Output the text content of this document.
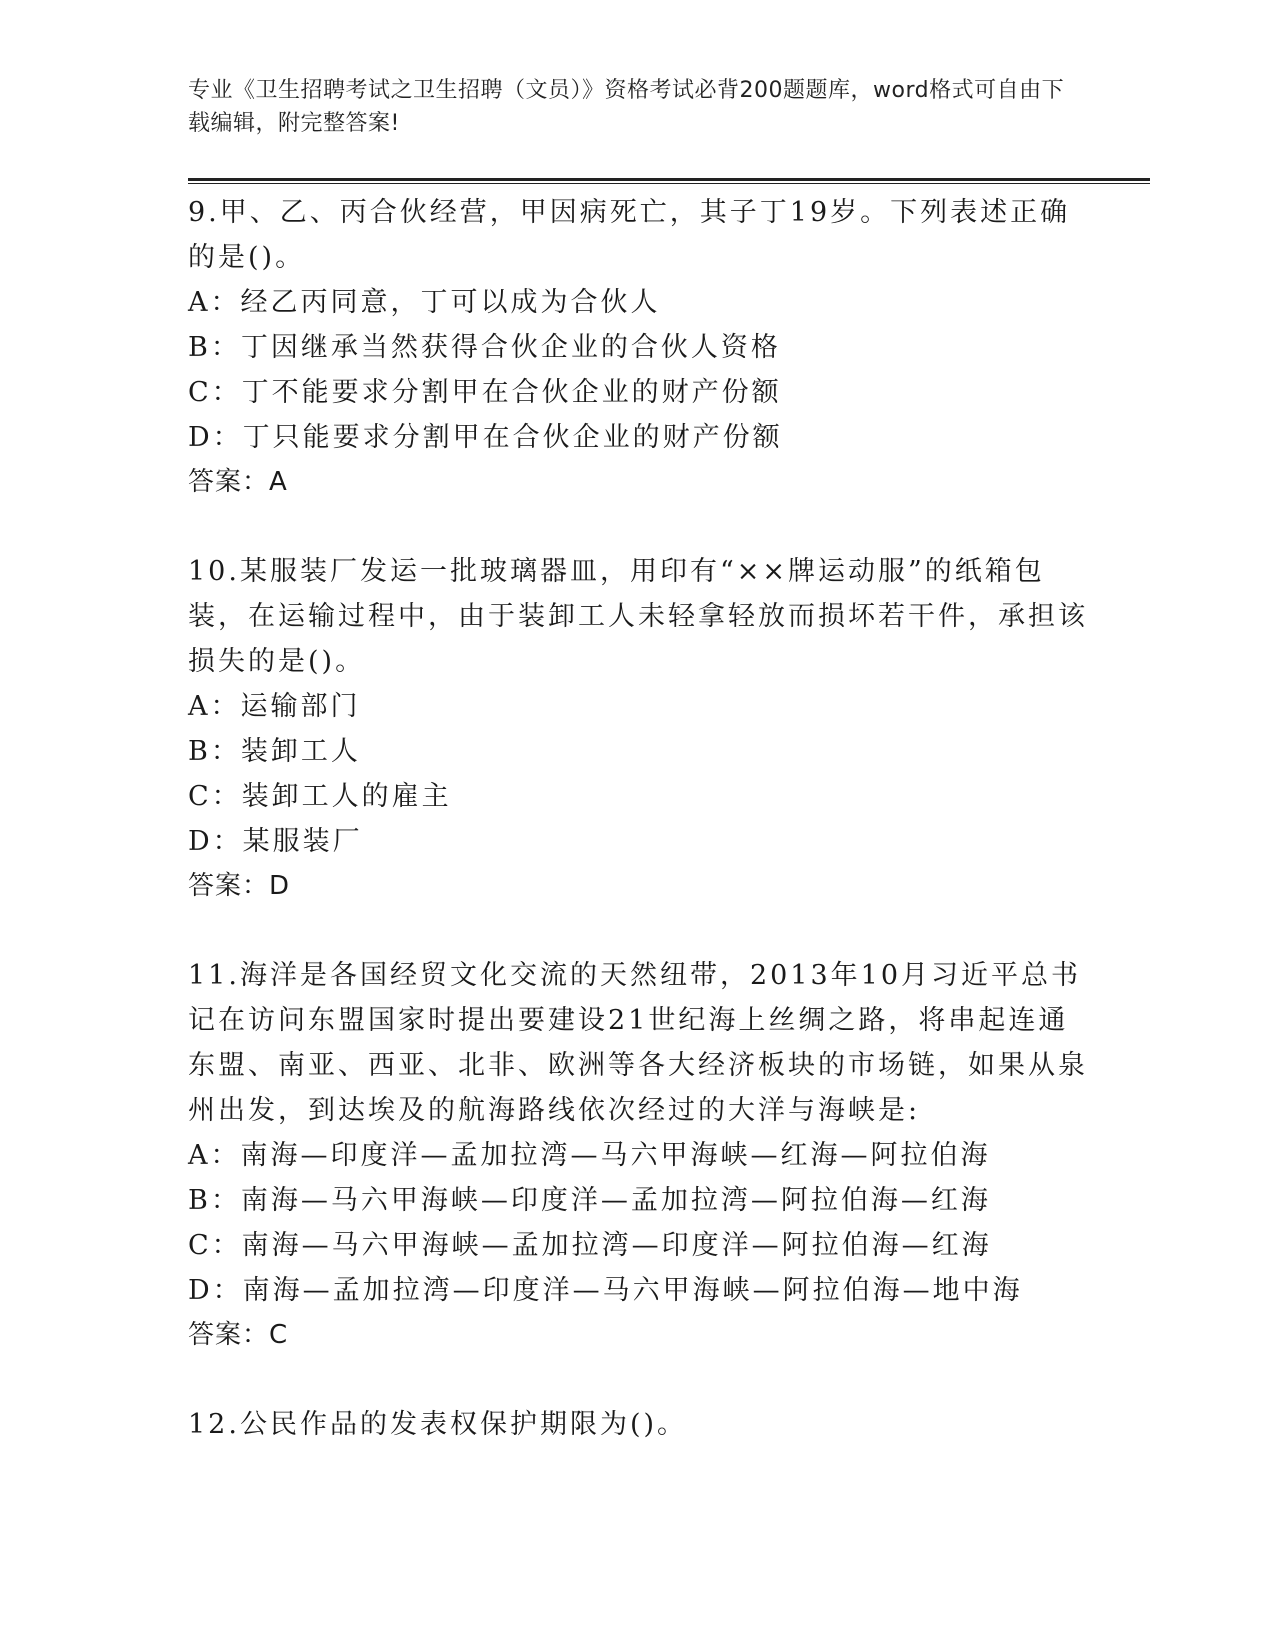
专业《卫生招聘考试之卫生招聘（文员）》资格考试必背200题题库，word格式可自由下载编辑，附完整答案!

9.甲、乙、丙合伙经营，甲因病死亡，其子丁19岁。下列表述正确的是()。

A：经乙丙同意，丁可以成为合伙人

B：丁因继承当然获得合伙企业的合伙人资格

C：丁不能要求分割甲在合伙企业的财产份额

D：丁只能要求分割甲在合伙企业的财产份额

答案：A

10.某服装厂发运一批玻璃器皿，用印有“××牌运动服”的纸箱包装，在运输过程中，由于装卸工人未轻拿轻放而损坏若干件，承担该损失的是()。

A：运输部门

B：装卸工人

C：装卸工人的雇主

D：某服装厂

答案：D

11.海洋是各国经贸文化交流的天然纽带，2013年10月习近平总书记在访问东盟国家时提出要建设21世纪海上丝绸之路，将串起连通东盟、南亚、西亚、北非、欧洲等各大经济板块的市场链，如果从泉州出发，到达埃及的航海路线依次经过的大洋与海峡是:

A：南海—印度洋—孟加拉湾—马六甲海峡—红海—阿拉伯海

B：南海—马六甲海峡—印度洋—孟加拉湾—阿拉伯海—红海

C：南海—马六甲海峡—孟加拉湾—印度洋—阿拉伯海—红海

D：南海—孟加拉湾—印度洋—马六甲海峡—阿拉伯海—地中海

答案：C

12.公民作品的发表权保护期限为()。
